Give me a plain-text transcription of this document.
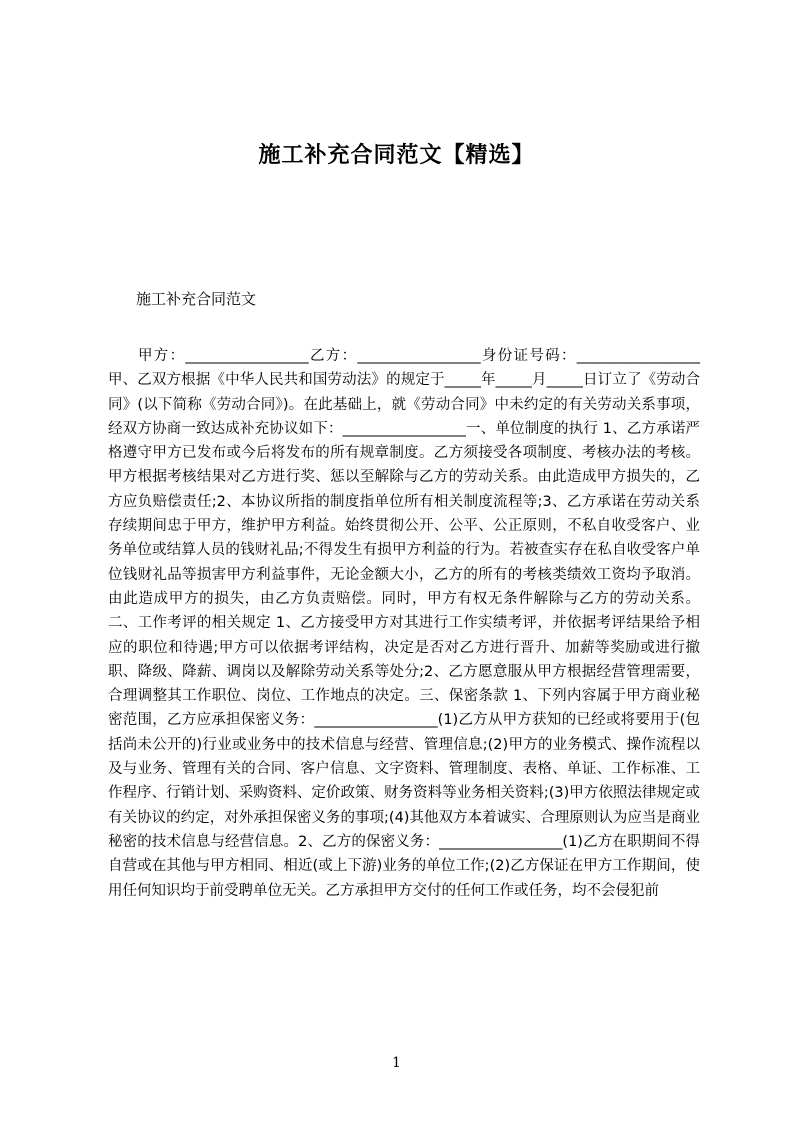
施工补充合同范文【精选】

施工补充合同范文

甲方：_________________乙方：_________________身份证号码：_________________甲、乙双方根据《中华人民共和国劳动法》的规定于_____年_____月_____日订立了《劳动合同》(以下简称《劳动合同》)。在此基础上，就《劳动合同》中未约定的有关劳动关系事项，经双方协商一致达成补充协议如下：_________________一、单位制度的执行 1、乙方承诺严格遵守甲方已发布或今后将发布的所有规章制度。乙方须接受各项制度、考核办法的考核。甲方根据考核结果对乙方进行奖、惩以至解除与乙方的劳动关系。由此造成甲方损失的，乙方应负赔偿责任;2、本协议所指的制度指单位所有相关制度流程等;3、乙方承诺在劳动关系存续期间忠于甲方，维护甲方利益。始终贯彻公开、公平、公正原则，不私自收受客户、业务单位或结算人员的钱财礼品;不得发生有损甲方利益的行为。若被查实存在私自收受客户单位钱财礼品等损害甲方利益事件，无论金额大小，乙方的所有的考核类绩效工资均予取消。由此造成甲方的损失，由乙方负责赔偿。同时，甲方有权无条件解除与乙方的劳动关系。二、工作考评的相关规定 1、乙方接受甲方对其进行工作实绩考评，并依据考评结果给予相应的职位和待遇;甲方可以依据考评结构，决定是否对乙方进行晋升、加薪等奖励或进行撤职、降级、降薪、调岗以及解除劳动关系等处分;2、乙方愿意服从甲方根据经营管理需要，合理调整其工作职位、岗位、工作地点的决定。三、保密条款 1、下列内容属于甲方商业秘密范围，乙方应承担保密义务：_________________(1)乙方从甲方获知的已经或将要用于(包括尚未公开的)行业或业务中的技术信息与经营、管理信息;(2)甲方的业务模式、操作流程以及与业务、管理有关的合同、客户信息、文字资料、管理制度、表格、单证、工作标准、工作程序、行销计划、采购资料、定价政策、财务资料等业务相关资料;(3)甲方依照法律规定或有关协议的约定，对外承担保密义务的事项;(4)其他双方本着诚实、合理原则认为应当是商业秘密的技术信息与经营信息。2、乙方的保密义务：_________________(1)乙方在职期间不得自营或在其他与甲方相同、相近(或上下游)业务的单位工作;(2)乙方保证在甲方工作期间，使用任何知识均于前受聘单位无关。乙方承担甲方交付的任何工作或任务，均不会侵犯前

1
